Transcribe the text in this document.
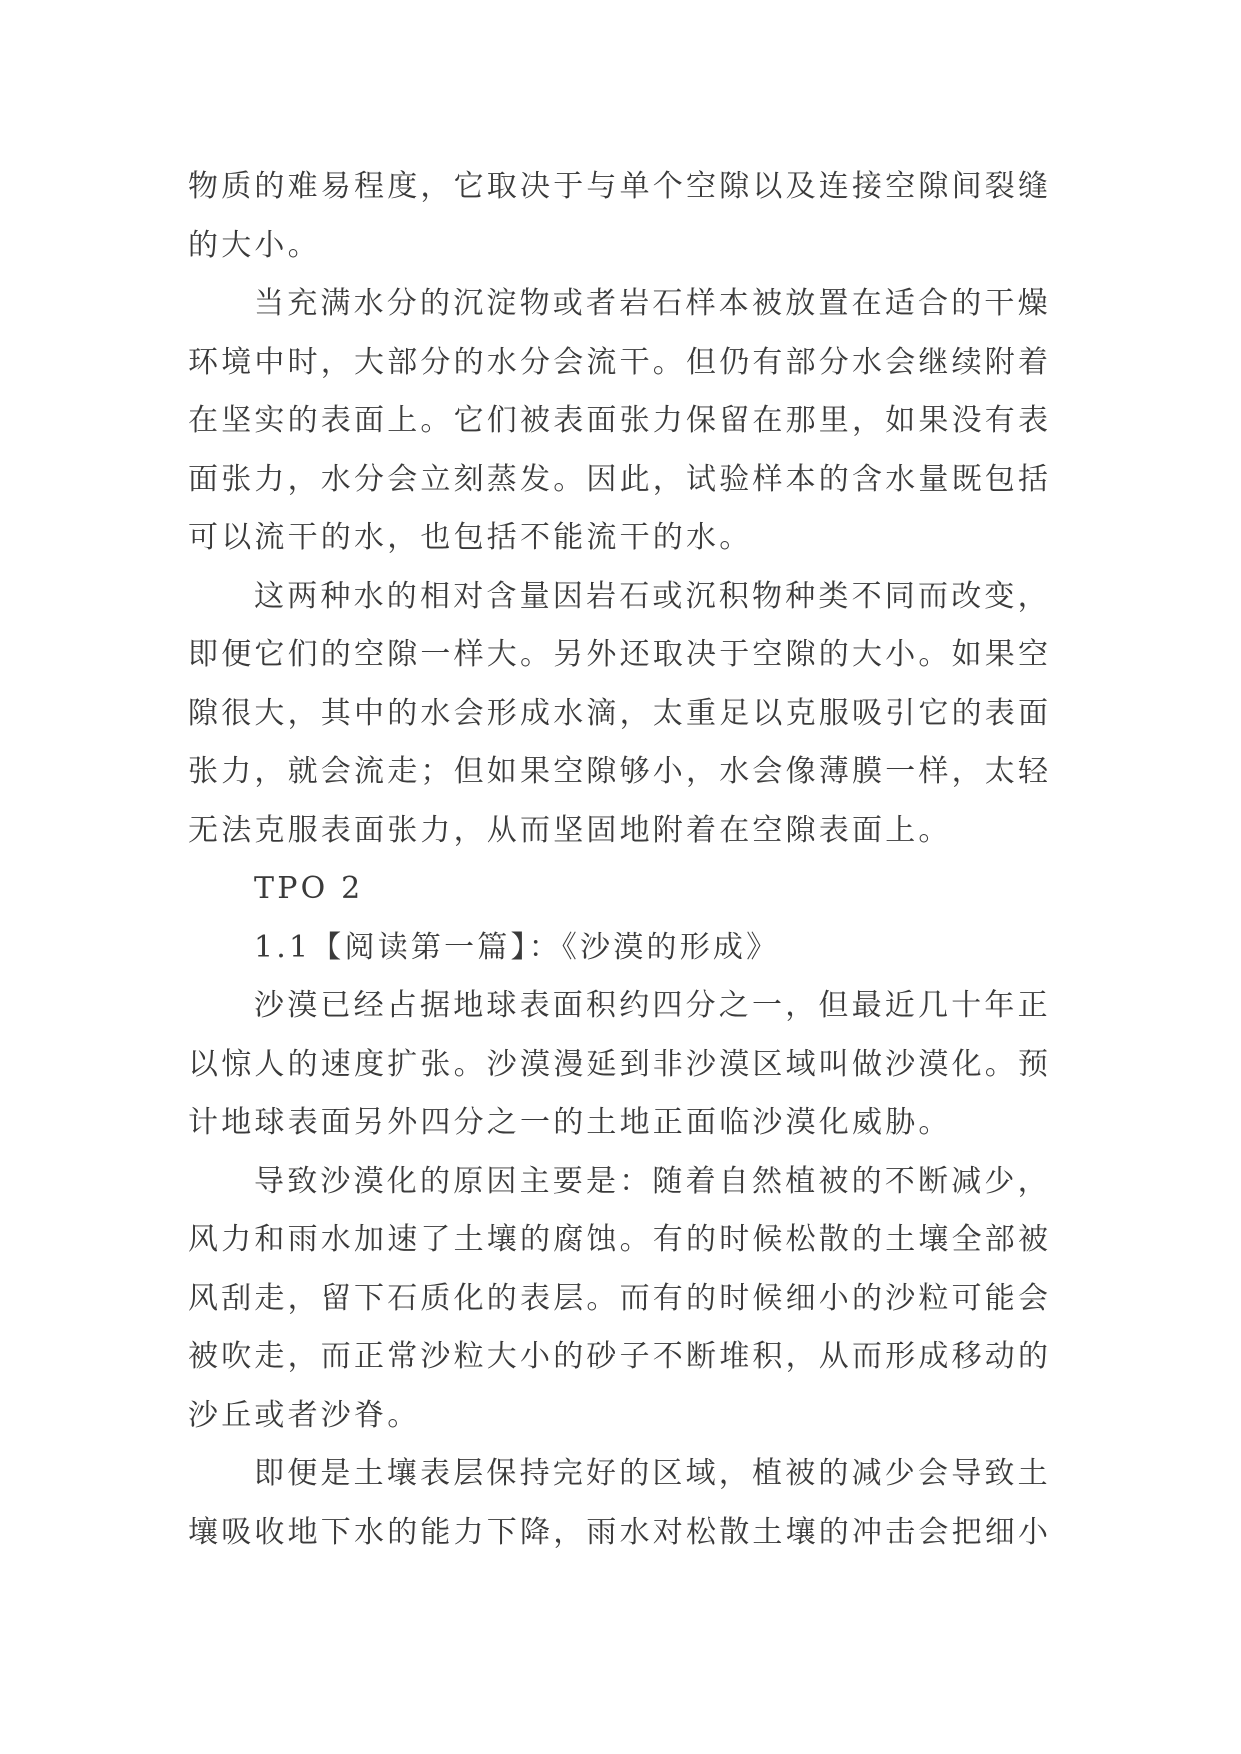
物质的难易程度，它取决于与单个空隙以及连接空隙间裂缝的大小。

当充满水分的沉淀物或者岩石样本被放置在适合的干燥环境中时，大部分的水分会流干。但仍有部分水会继续附着在坚实的表面上。它们被表面张力保留在那里，如果没有表面张力，水分会立刻蒸发。因此，试验样本的含水量既包括可以流干的水，也包括不能流干的水。

这两种水的相对含量因岩石或沉积物种类不同而改变，即便它们的空隙一样大。另外还取决于空隙的大小。如果空隙很大，其中的水会形成水滴，太重足以克服吸引它的表面张力，就会流走；但如果空隙够小，水会像薄膜一样，太轻无法克服表面张力，从而坚固地附着在空隙表面上。

TPO 2

1.1【阅读第一篇】：《沙漠的形成》

沙漠已经占据地球表面积约四分之一，但最近几十年正以惊人的速度扩张。沙漠漫延到非沙漠区域叫做沙漠化。预计地球表面另外四分之一的土地正面临沙漠化威胁。

导致沙漠化的原因主要是：随着自然植被的不断减少，风力和雨水加速了土壤的腐蚀。有的时候松散的土壤全部被风刮走，留下石质化的表层。而有的时候细小的沙粒可能会被吹走，而正常沙粒大小的砂子不断堆积，从而形成移动的沙丘或者沙脊。

即便是土壤表层保持完好的区域，植被的减少会导致土壤吸收地下水的能力下降，雨水对松散土壤的冲击会把细小
